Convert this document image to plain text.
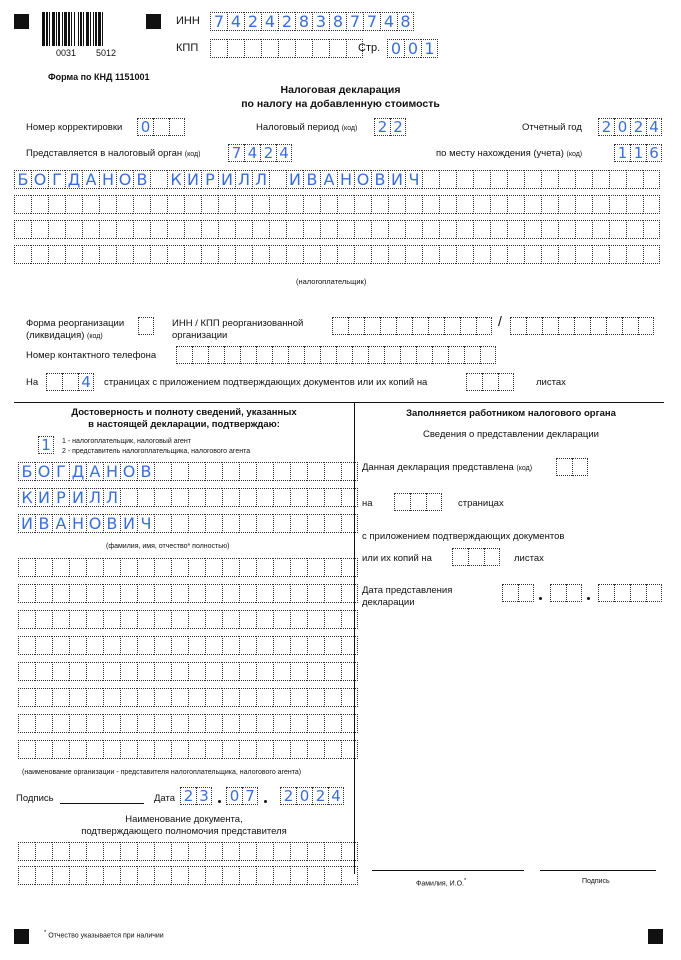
0031 5012
ИНН 7 4 2 4 2 8 3 8 7 7 4 8
КПП	Стр. 0 0 1
Форма по КНД 1151001
Налоговая декларация
по налогу на добавленную стоимость
Номер корректировки 0	Налоговый период (код) 2 2	Отчетный год 2 0 2 4
Представляется в налоговый орган (код) 7 4 2 4	по месту нахождения (учета) (код) 1 1 6
Б О Г Д А Н О В К И Р И Л Л И В А Н О В И Ч
(налогоплательщик)
Форма реорганизации
(ликвидация) (код)
ИНН / КПП реорганизованной
организации
/
Номер контактного телефона
На	4	страницах с приложением подтверждающих документов или их копий на	листах
Достоверность и полноту сведений, указанных
в настоящей декларации, подтверждаю:
1	1 - налогоплательщик, налоговый агент
2 - представитель налогоплательщика, налогового агента
Б О Г Д А Н О В
К И Р И Л Л
И В А Н О В И Ч
(фамилия, имя, отчество* полностью)
(наименование организации - представителя налогоплательщика, налогового агента)
Подпись	Дата 2 3 0 7 2 0 2 4
Наименование документа,
подтверждающего полномочия представителя
Заполняется работником налогового органа
Сведения о представлении декларации
Данная декларация представлена (код)
на	страницах
с приложением подтверждающих документов
или их копий на	листах
Дата представления
декларации
Фамилия, И.О.*	Подпись
* Отчество указывается при наличии
